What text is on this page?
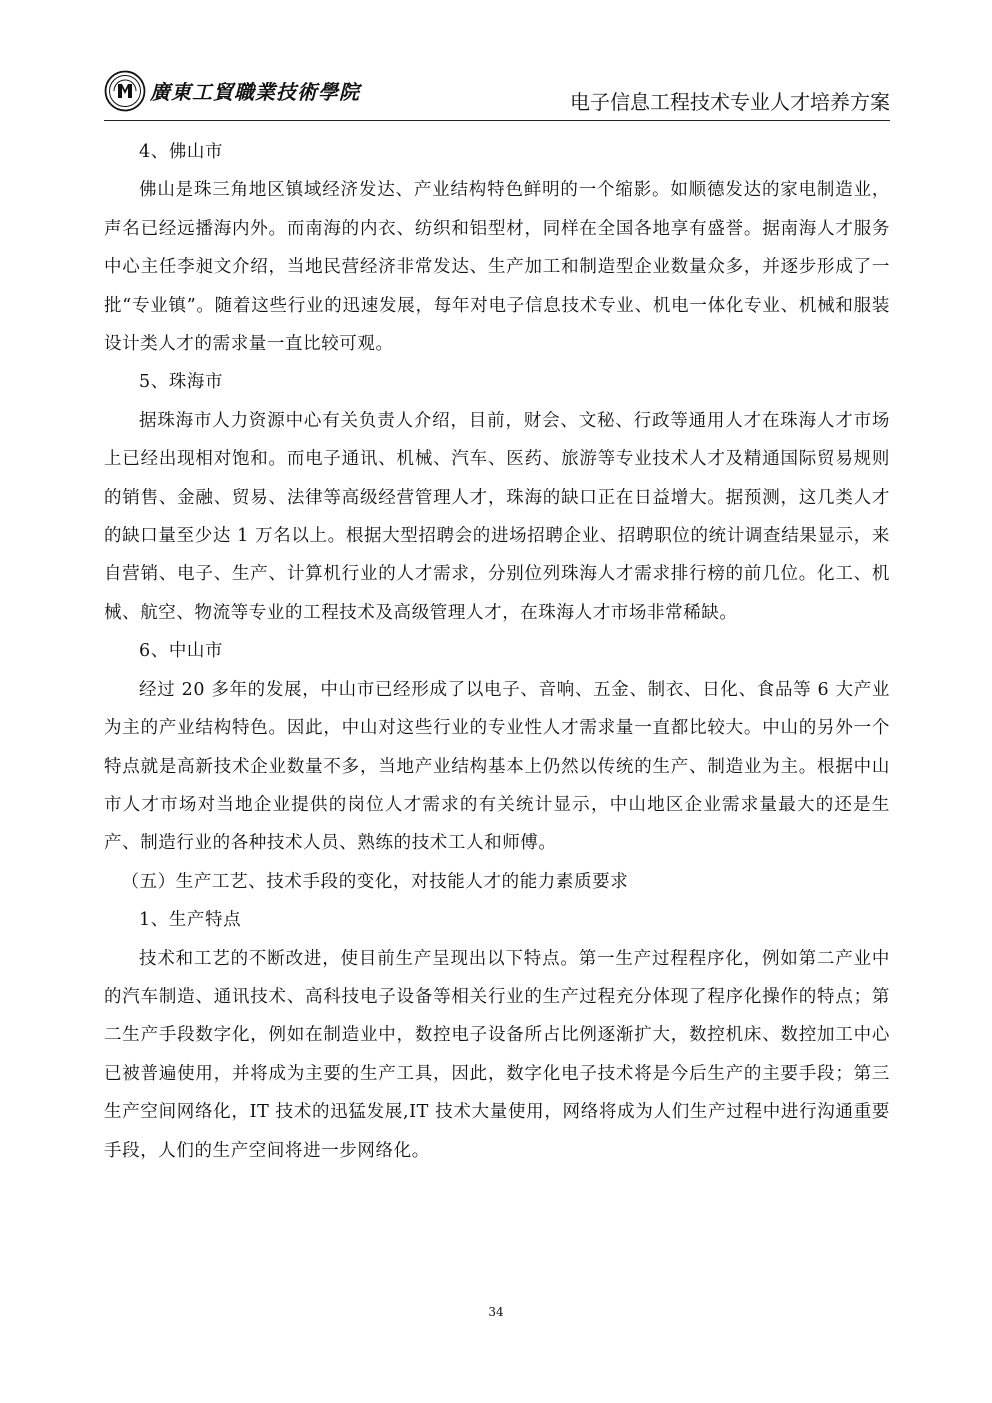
廣東工貿職業技術學院	电子信息工程技术专业人才培养方案

4、佛山市

佛山是珠三角地区镇域经济发达、产业结构特色鲜明的一个缩影。如顺德发达的家电制造业，声名已经远播海内外。而南海的内衣、纺织和铝型材，同样在全国各地享有盛誉。据南海人才服务中心主任李昶文介绍，当地民营经济非常发达、生产加工和制造型企业数量众多，并逐步形成了一批“专业镇”。随着这些行业的迅速发展，每年对电子信息技术专业、机电一体化专业、机械和服装设计类人才的需求量一直比较可观。

5、珠海市

据珠海市人力资源中心有关负责人介绍，目前，财会、文秘、行政等通用人才在珠海人才市场上已经出现相对饱和。而电子通讯、机械、汽车、医药、旅游等专业技术人才及精通国际贸易规则的销售、金融、贸易、法律等高级经营管理人才，珠海的缺口正在日益增大。据预测，这几类人才的缺口量至少达 1 万名以上。根据大型招聘会的进场招聘企业、招聘职位的统计调查结果显示，来自营销、电子、生产、计算机行业的人才需求，分别位列珠海人才需求排行榜的前几位。化工、机械、航空、物流等专业的工程技术及高级管理人才，在珠海人才市场非常稀缺。

6、中山市

经过 20 多年的发展，中山市已经形成了以电子、音响、五金、制衣、日化、食品等 6 大产业为主的产业结构特色。因此，中山对这些行业的专业性人才需求量一直都比较大。中山的另外一个特点就是高新技术企业数量不多，当地产业结构基本上仍然以传统的生产、制造业为主。根据中山市人才市场对当地企业提供的岗位人才需求的有关统计显示，中山地区企业需求量最大的还是生产、制造行业的各种技术人员、熟练的技术工人和师傅。

（五）生产工艺、技术手段的变化，对技能人才的能力素质要求

1、生产特点

技术和工艺的不断改进，使目前生产呈现出以下特点。第一生产过程程序化，例如第二产业中的汽车制造、通讯技术、高科技电子设备等相关行业的生产过程充分体现了程序化操作的特点；第二生产手段数字化，例如在制造业中，数控电子设备所占比例逐渐扩大，数控机床、数控加工中心已被普遍使用，并将成为主要的生产工具，因此，数字化电子技术将是今后生产的主要手段；第三生产空间网络化，IT 技术的迅猛发展,IT 技术大量使用，网络将成为人们生产过程中进行沟通重要手段，人们的生产空间将进一步网络化。

34
